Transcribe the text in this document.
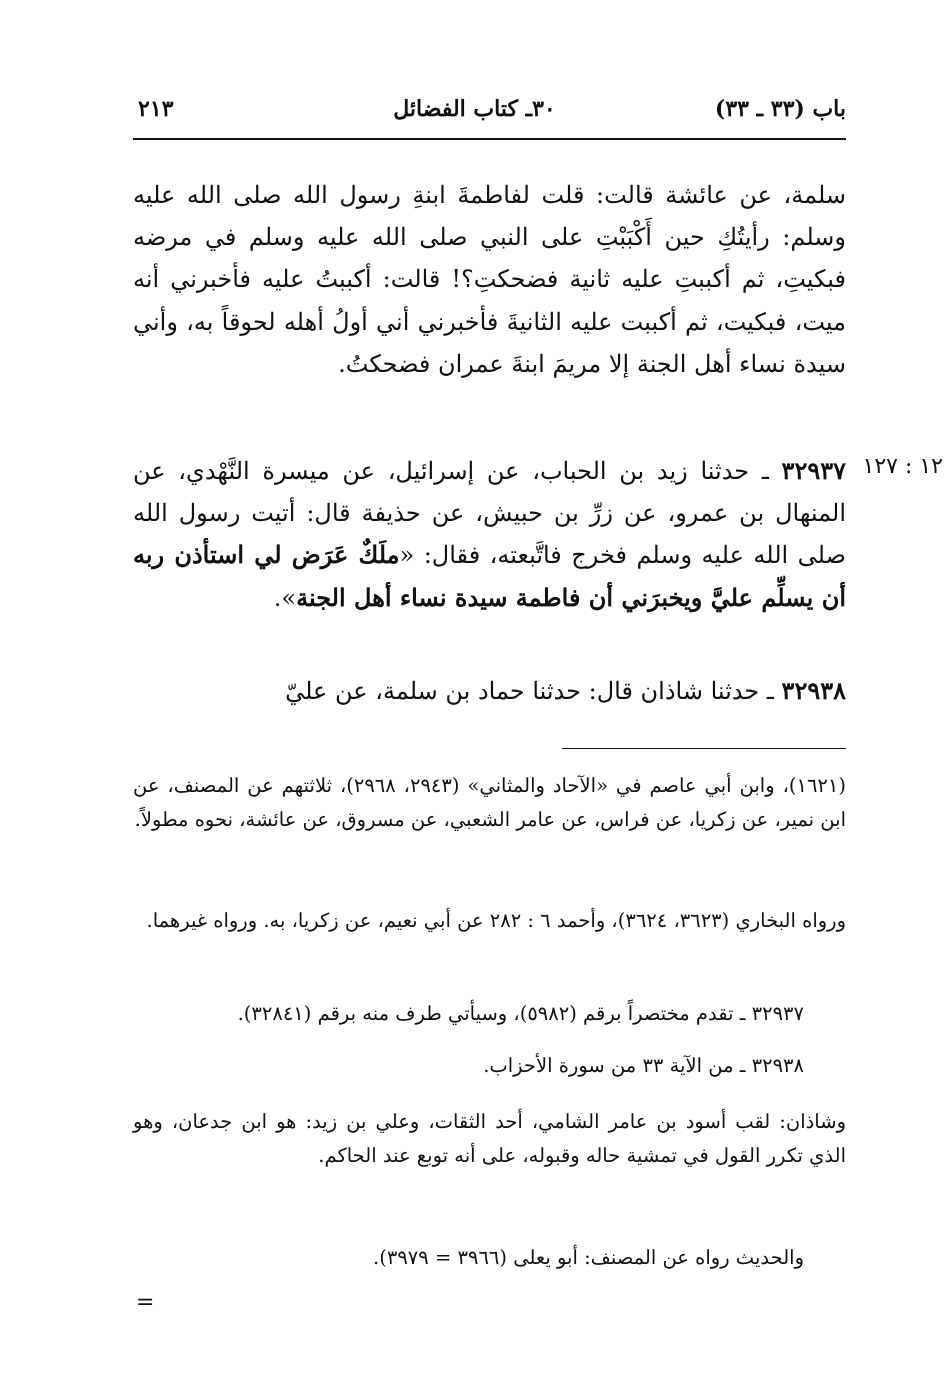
باب (٣٣ ـ ٣٣)
٣٠ـ كتاب الفضائل
٢١٣
سلمة، عن عائشة قالت: قلت لفاطمةَ ابنةِ رسول الله صلى الله عليه وسلم: رأيتُكِ حين أَكْبَبْتِ على النبي صلى الله عليه وسلم في مرضه فبكيتِ، ثم أكببتِ عليه ثانية فضحكتِ؟! قالت: أكببتُ عليه فأخبرني أنه ميت، فبكيت، ثم أكببت عليه الثانيةَ فأخبرني أني أولُ أهله لحوقاً به، وأني سيدة نساء أهل الجنة إلا مريمَ ابنةَ عمران فضحكتُ.
١٢ : ١٢٧
٣٢٩٣٧ ـ حدثنا زيد بن الحباب، عن إسرائيل، عن ميسرة النَّهْدي، عن المنهال بن عمرو، عن زرِّ بن حبيش، عن حذيفة قال: أتيت رسول الله صلى الله عليه وسلم فخرج فاتَّبعته، فقال: «ملَكٌ عَرَض لي استأذن ربه أن يسلِّم عليَّ ويخبرَني أن فاطمة سيدة نساء أهل الجنة».
٣٢٩٣٨ ـ حدثنا شاذان قال: حدثنا حماد بن سلمة، عن عليّ
(١٦٢١)، وابن أبي عاصم في «الآحاد والمثاني» (٢٩٤٣، ٢٩٦٨)، ثلاثتهم عن المصنف، عن ابن نمير، عن زكريا، عن فراس، عن عامر الشعبي، عن مسروق، عن عائشة، نحوه مطولاً.
ورواه البخاري (٣٦٢٣، ٣٦٢٤)، وأحمد ٦ : ٢٨٢ عن أبي نعيم، عن زكريا، به. ورواه غيرهما.
٣٢٩٣٧ ـ تقدم مختصراً برقم (٥٩٨٢)، وسيأتي طرف منه برقم (٣٢٨٤١).
٣٢٩٣٨ ـ من الآية ٣٣ من سورة الأحزاب.
وشاذان: لقب أسود بن عامر الشامي، أحد الثقات، وعلي بن زيد: هو ابن جدعان، وهو الذي تكرر القول في تمشية حاله وقبوله، على أنه توبع عند الحاكم.
والحديث رواه عن المصنف: أبو يعلى (٣٩٦٦ = ٣٩٧٩).
=
